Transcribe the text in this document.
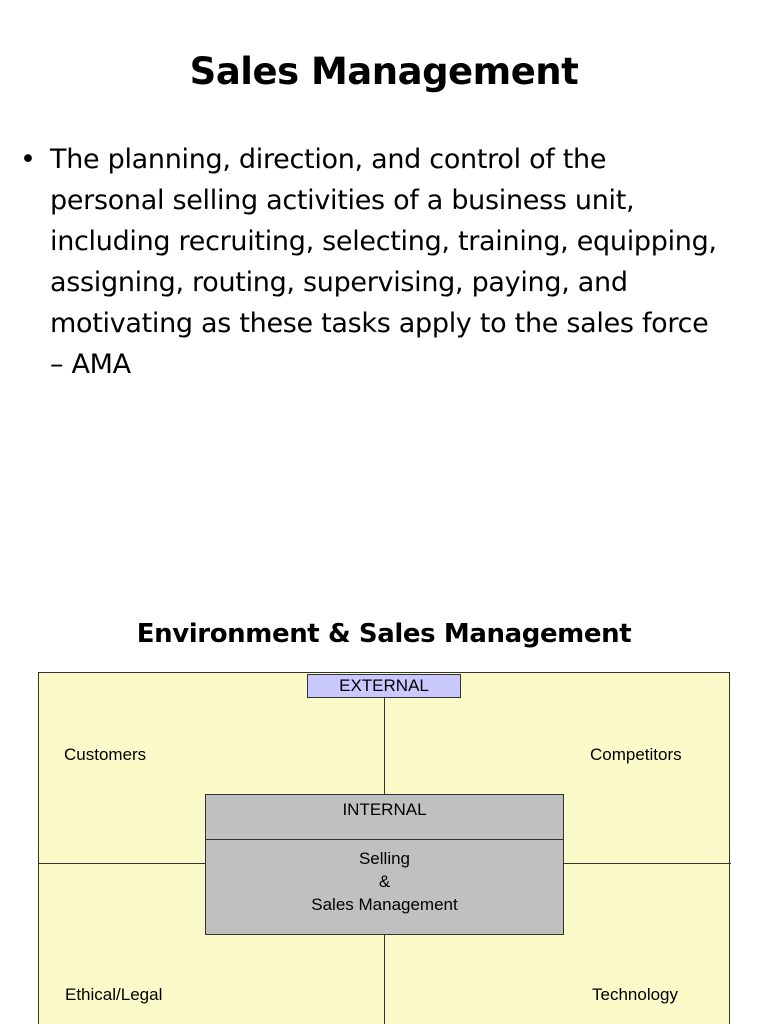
Sales Management
• The planning, direction, and control of the personal selling activities of a business unit, including recruiting, selecting, training, equipping, assigning, routing, supervising, paying, and motivating as these tasks apply to the sales force – AMA
Environment & Sales Management
EXTERNAL
Customers	Competitors
Ethical/Legal	Technology
INTERNAL
Selling
&
Sales Management
